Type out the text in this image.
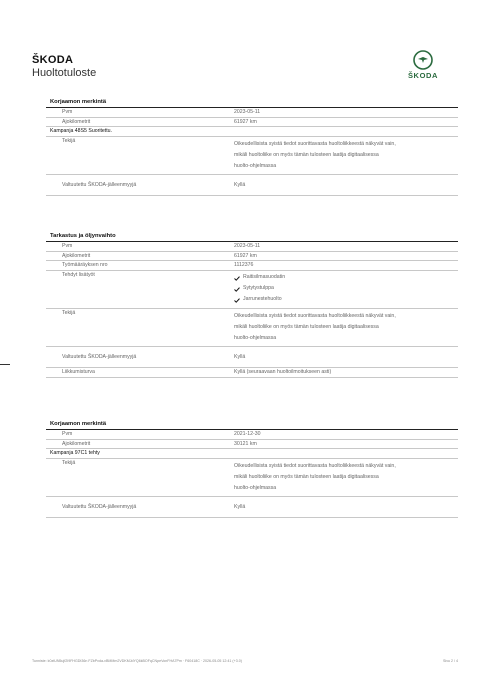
ŠKODA
Huoltotuloste	ŠKODA
Korjaamon merkintä
Pvm	2023-05-11
Ajokilometrit	61927 km
Kampanja 48S5 Suoritettu.
Tekijä	Oikeudellisista syistä tiedot suorittavasta huoltoliikkeestä näkyvät vain,
mikäli huoltoliike on myös tämän tulosteen laatija digitaalisessa
huolto-ohjelmassa
Valtuutettu ŠKODA-jälleenmyyjä	Kyllä
Tarkastus ja öljynvaihto
Pvm	2023-05-11
Ajokilometrit	61927 km
Työmääräyksen nro	1112376
Tehdyt lisätyöt	Raitisilmasuodatin
Sytytystulppa
Jarrunestehuolto
Tekijä	Oikeudellisista syistä tiedot suorittavasta huoltoliikkeestä näkyvät vain,
mikäli huoltoliike on myös tämän tulosteen laatija digitaalisessa
huolto-ohjelmassa
Valtuutettu ŠKODA-jälleenmyyjä	Kyllä
Liikkumisturva	Kyllä (seuraavaan huoltoilmoitukseen asti)
Korjaamon merkintä
Pvm	2021-12-30
Ajokilometrit	30121 km
Kampanja 97C1 tehty
Tekijä	Oikeudellisista syistä tiedot suorittavasta huoltoliikkeestä näkyvät vain,
mikäli huoltoliike on myös tämän tulosteen laatija digitaalisessa
huolto-ohjelmassa
Valtuutettu ŠKODA-jälleenmyyjä	Kyllä
Tunniste: k0ztUN5ujf2I9FHGDt36n FZbPxda-vBMMm2VDKMJdYQ6kBOFqCNpeVonFHA7Pm · F60418C · 2026-05-05 12:41 (+3.0)	Sivu 2 / 4
